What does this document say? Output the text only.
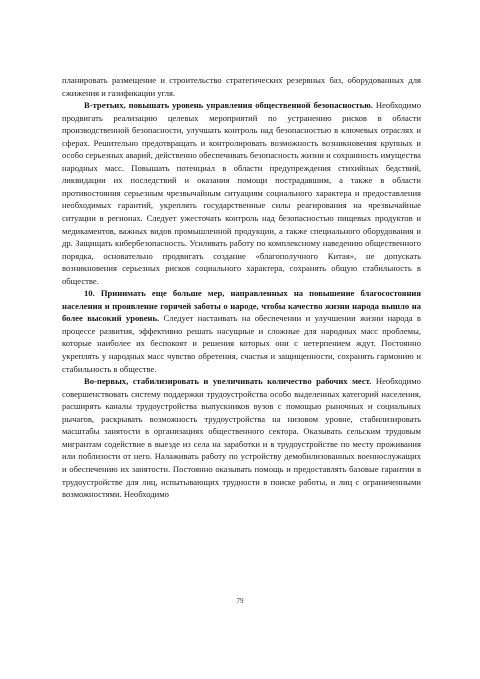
планировать размещение и строительство стратегических резервных баз, оборудованных для сжижения и газификации угля.

В-третьих, повышать уровень управления общественной безопасностью. Необходимо продвигать реализацию целевых мероприятий по устранению рисков в области производственной безопасности, улучшать контроль над безопасностью в ключевых отраслях и сферах. Решительно предотвращать и контролировать возможность возникновения крупных и особо серьезных аварий, действенно обеспечивать безопасность жизни и сохранность имущества народных масс. Повышать потенциал в области предупреждения стихийных бедствий, ликвидации их последствий и оказания помощи пострадавшим, а также в области противостояния серьезным чрезвычайным ситуациям социального характера и предоставления необходимых гарантий, укреплять государственные силы реагирования на чрезвычайные ситуации в регионах. Следует ужесточать контроль над безопасностью пищевых продуктов и медикаментов, важных видов промышленной продукции, а также специального оборудования и др. Защищать кибербезопасность. Усиливать работу по комплексному наведению общественного порядка, основательно продвигать создание «благополучного Китая», не допускать возникновения серьезных рисков социального характера, сохранять общую стабильность в обществе.

10. Принимать еще больше мер, направленных на повышение благосостояния населения и проявление горячей заботы о народе, чтобы качество жизни народа вышло на более высокий уровень. Следует настаивать на обеспечении и улучшении жизни народа в процессе развития, эффективно решать насущные и сложные для народных масс проблемы, которые наиболее их беспокоят и решения которых они с нетерпением ждут. Постоянно укреплять у народных масс чувство обретения, счастья и защищенности, сохранять гармонию и стабильность в обществе.

Во-первых, стабилизировать и увеличивать количество рабочих мест. Необходимо совершенствовать систему поддержки трудоустройства особо выделенных категорий населения, расширять каналы трудоустройства выпускников вузов с помощью рыночных и социальных рычагов, раскрывать возможность трудоустройства на низовом уровне, стабилизировать масштабы занятости в организациях общественного сектора. Оказывать сельским трудовым мигрантам содействие в выезде из села на заработки и в трудоустройстве по месту проживания или поблизости от него. Налаживать работу по устройству демобилизованных военнослужащих и обеспечению их занятости. Постоянно оказывать помощь и предоставлять базовые гарантии в трудоустройстве для лиц, испытывающих трудности в поиске работы, и лиц с ограниченными возможностями. Необходимо

79
